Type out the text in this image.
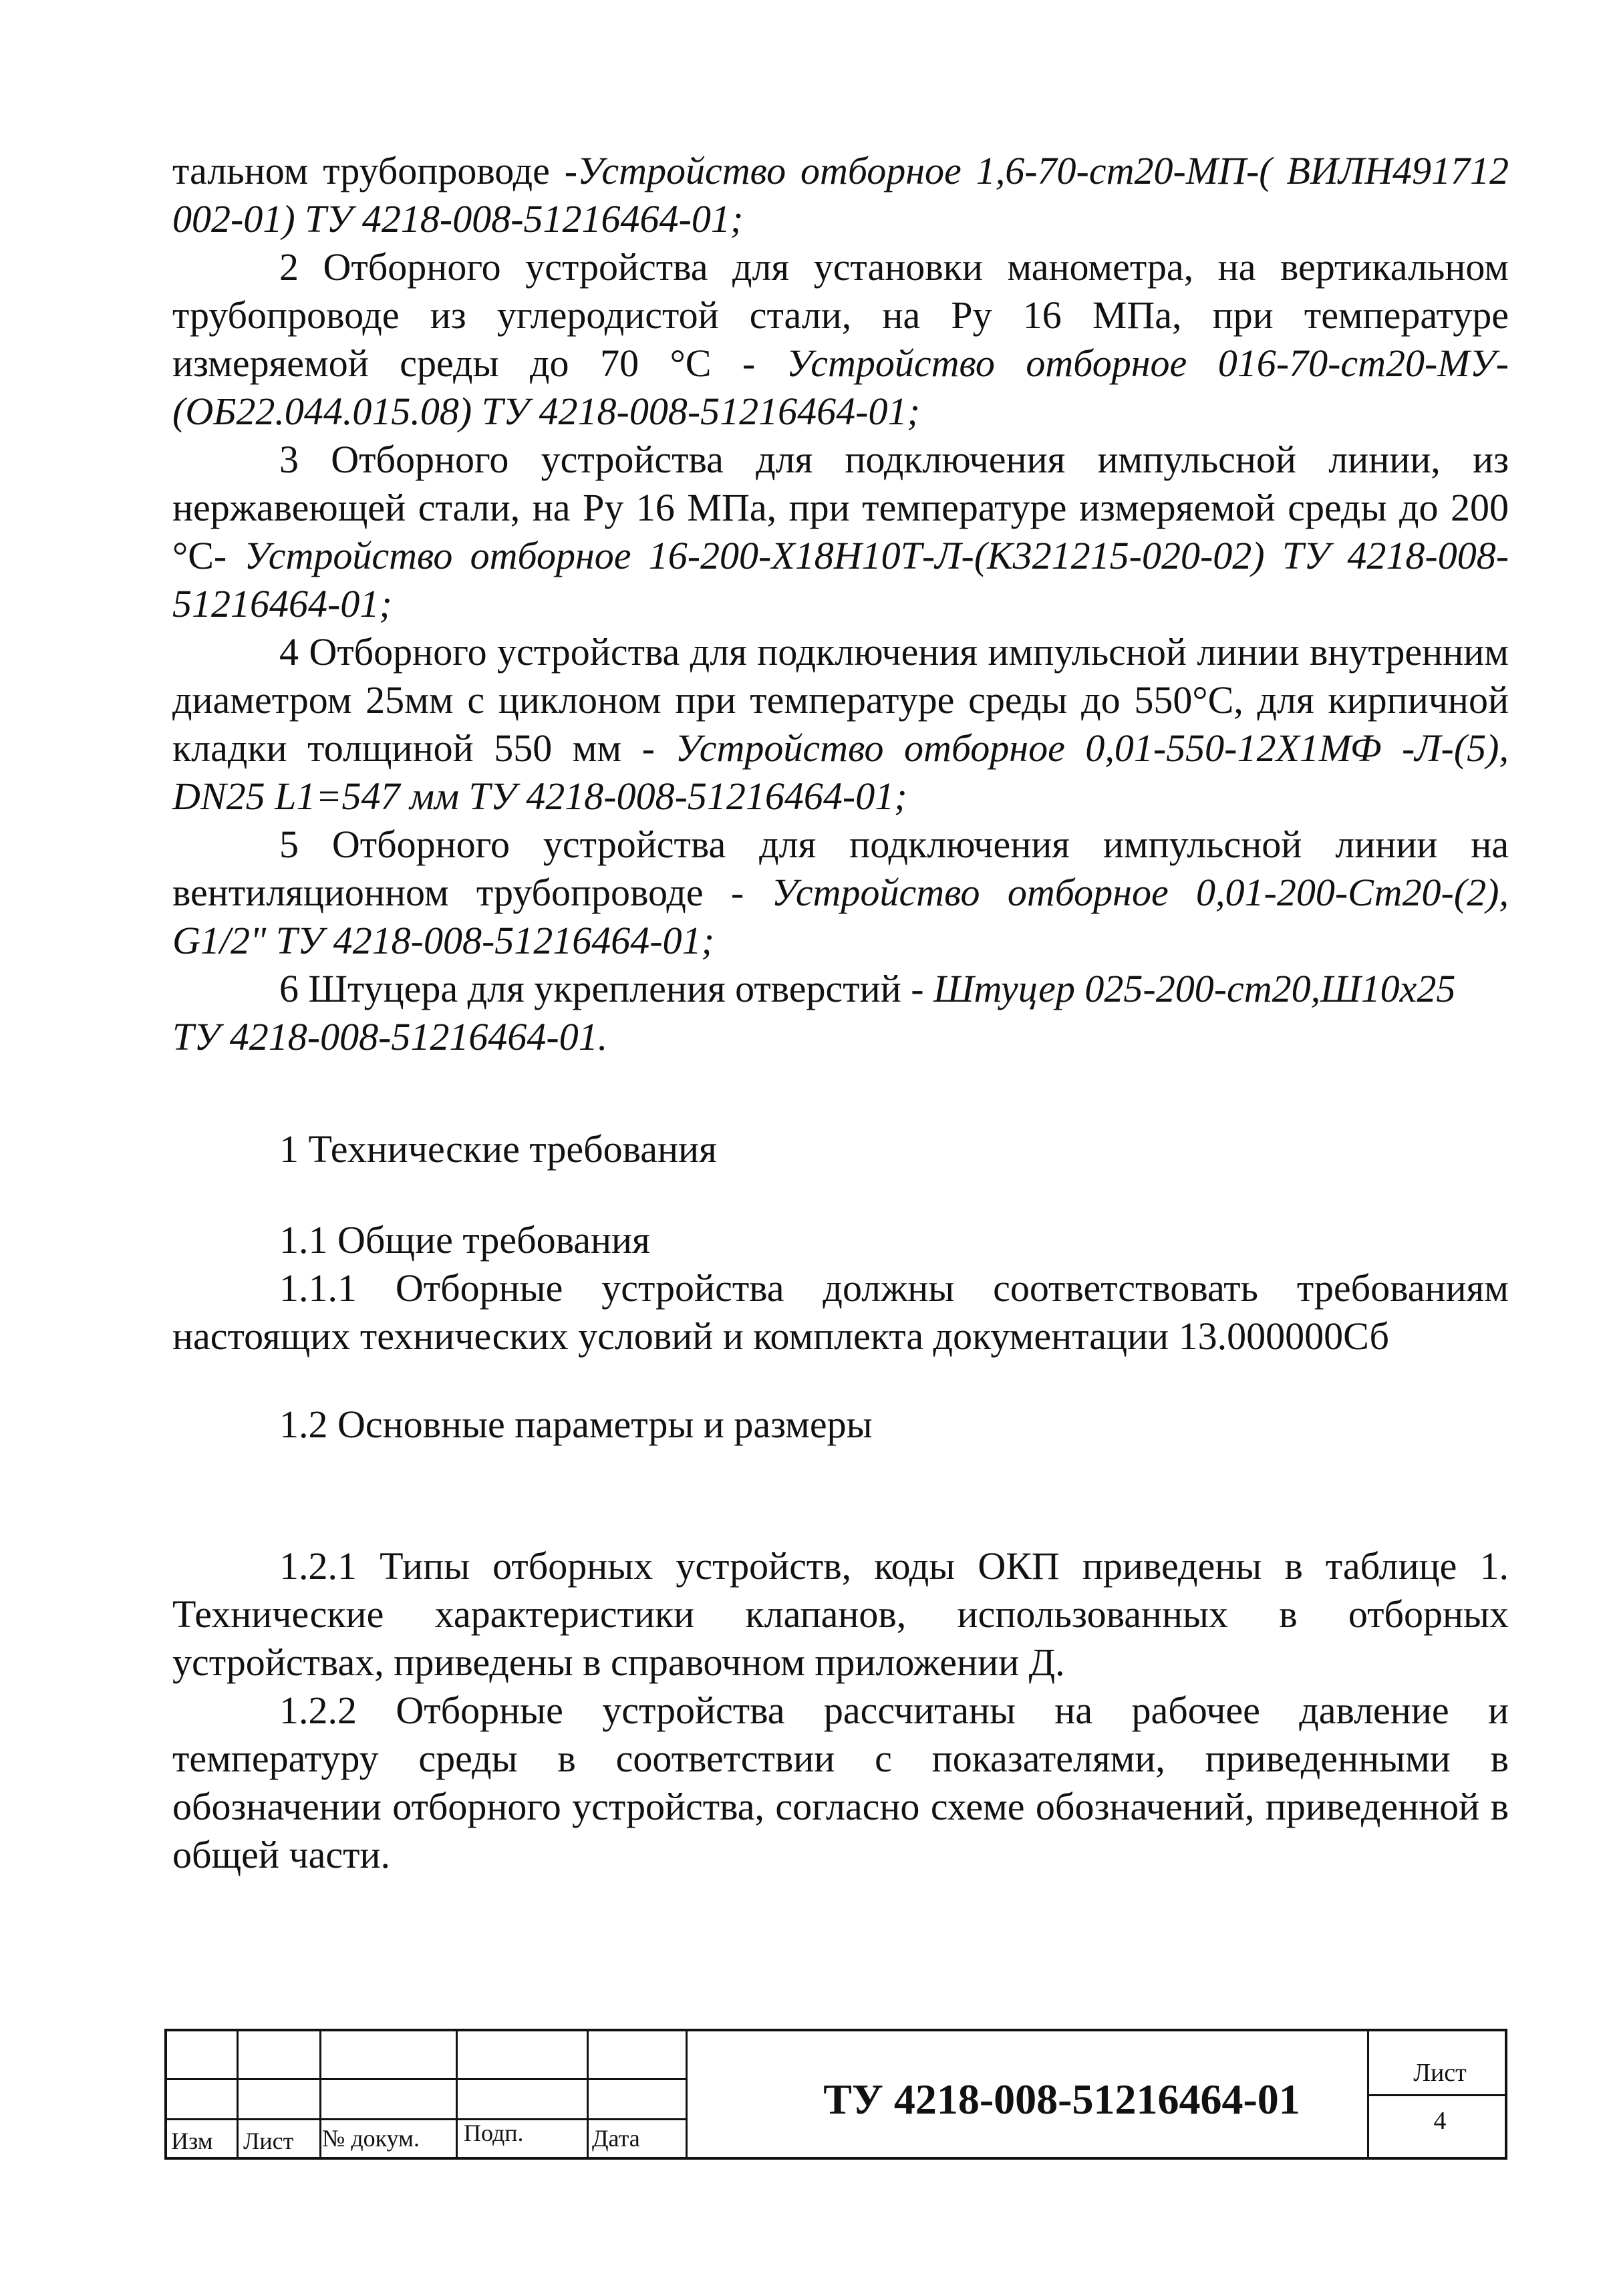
тальном трубопроводе -Устройство отборное 1,6-70-ст20-МП-( ВИЛН491712 002-01) ТУ 4218-008-51216464-01;

2 Отборного устройства для установки манометра, на вертикальном трубопроводе из углеродистой стали, на Ру 16 МПа, при температуре измеряемой среды до 70 °С - Устройство отборное 016-70-ст20-МУ-(ОБ22.044.015.08) ТУ 4218-008-51216464-01;

3 Отборного устройства для подключения импульсной линии, из нержавеющей стали, на Ру 16 МПа, при температуре измеряемой среды до 200 °С- Устройство отборное 16-200-Х18Н10Т-Л-(К321215-020-02) ТУ 4218-008-51216464-01;

4 Отборного устройства для подключения импульсной линии внутренним диаметром 25мм с циклоном при температуре среды до 550°С, для кирпичной кладки толщиной 550 мм - Устройство отборное 0,01-550-12Х1МФ -Л-(5), DN25 L1=547 мм ТУ 4218-008-51216464-01;

5 Отборного устройства для подключения импульсной линии на вентиляционном трубопроводе - Устройство отборное 0,01-200-Ст20-(2), G1/2" ТУ 4218-008-51216464-01;

6 Штуцера для укрепления отверстий - Штуцер 025-200-ст20,Ш10х25 ТУ 4218-008-51216464-01.

1 Технические требования

1.1 Общие требования

1.1.1 Отборные устройства должны соответствовать требованиям настоящих технических условий и комплекта документации 13.000000Сб

1.2 Основные параметры и размеры

1.2.1 Типы отборных устройств, коды ОКП приведены в таблице 1. Технические характеристики клапанов, использованных в отборных устройствах, приведены в справочном приложении Д.

1.2.2 Отборные устройства рассчитаны на рабочее давление и температуру среды в соответствии с показателями, приведенными в обозначении отборного устройства, согласно схеме обозначений, приведенной в общей части.

Изм Лист № докум. Подп.	Дата
ТУ 4218-008-51216464-01
Лист
4
